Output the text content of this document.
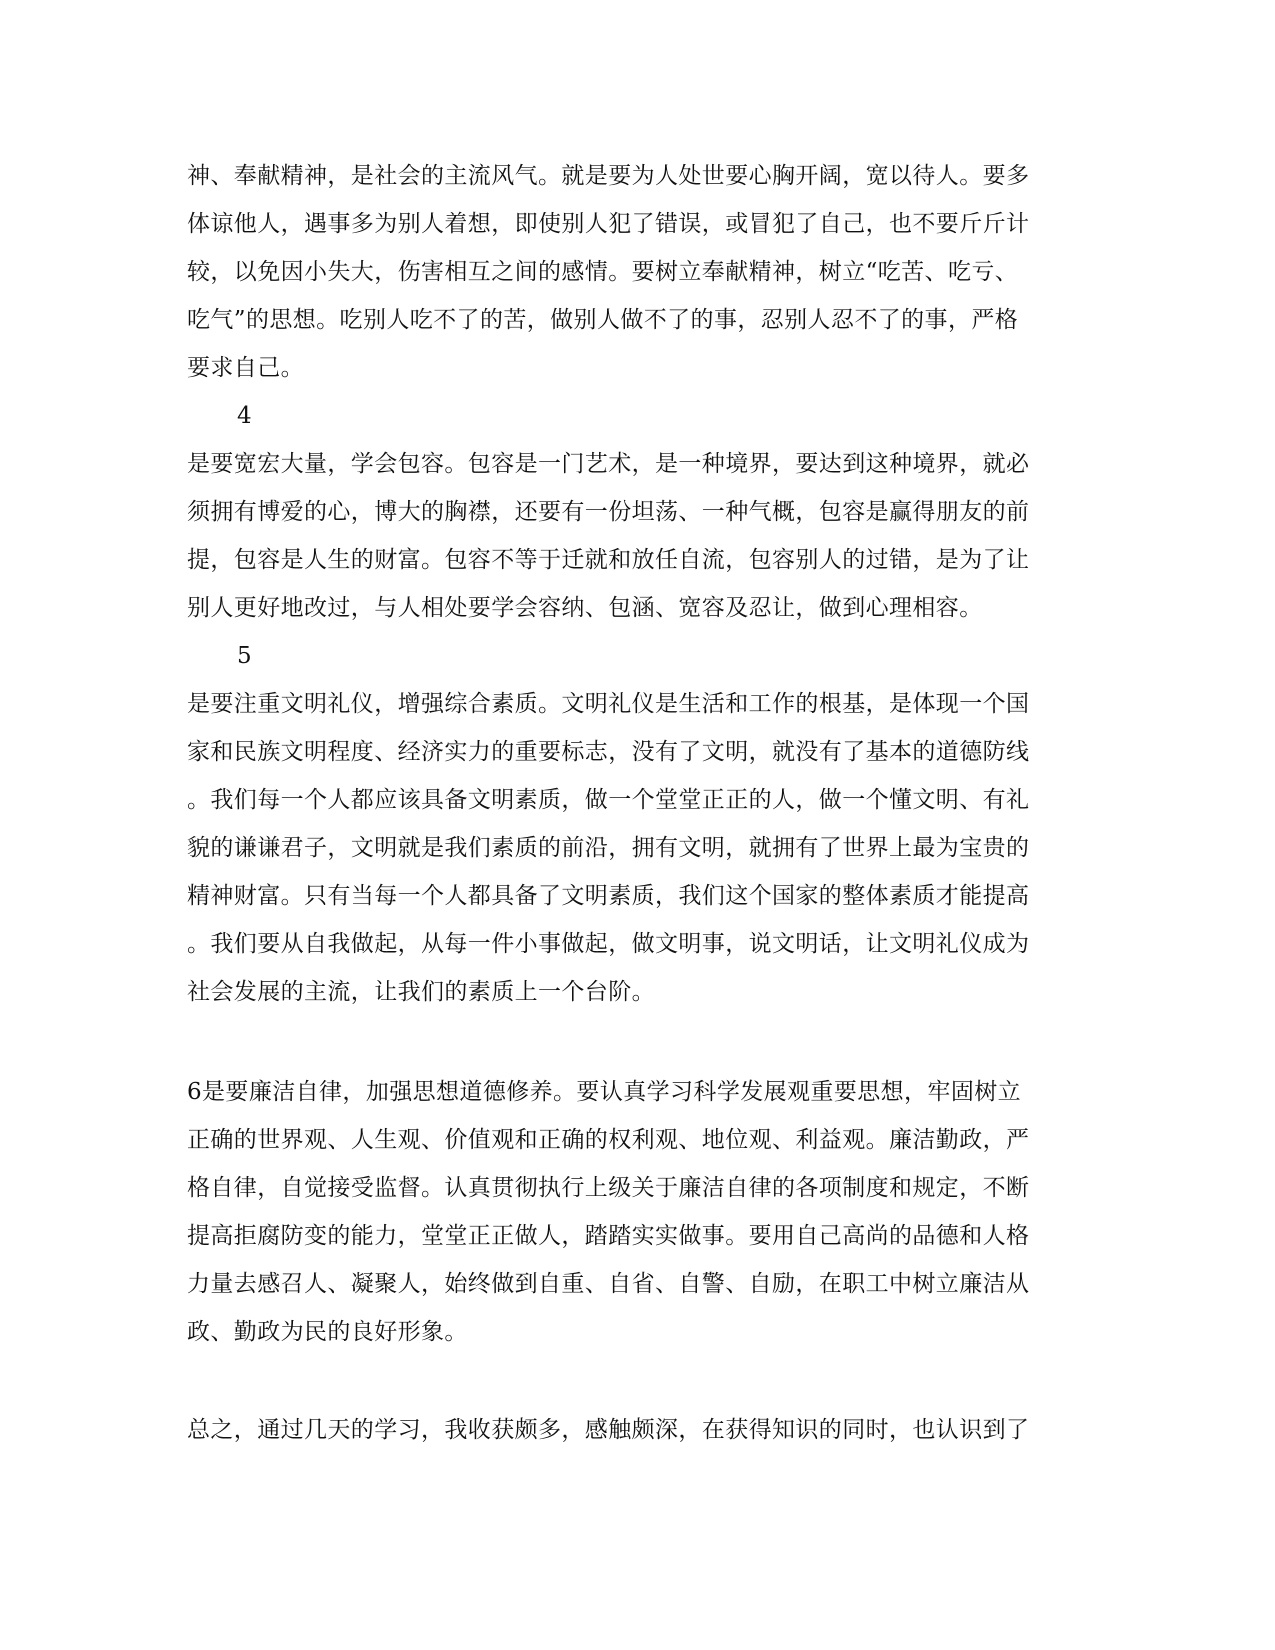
神、奉献精神，是社会的主流风气。就是要为人处世要心胸开阔，宽以待人。要多
体谅他人，遇事多为别人着想，即使别人犯了错误，或冒犯了自己，也不要斤斤计
较，以免因小失大，伤害相互之间的感情。要树立奉献精神，树立“吃苦、吃亏、
吃气”的思想。吃别人吃不了的苦，做别人做不了的事，忍别人忍不了的事，严格
要求自己。
4
是要宽宏大量，学会包容。包容是一门艺术，是一种境界，要达到这种境界，就必
须拥有博爱的心，博大的胸襟，还要有一份坦荡、一种气概，包容是赢得朋友的前
提，包容是人生的财富。包容不等于迁就和放任自流，包容别人的过错，是为了让
别人更好地改过，与人相处要学会容纳、包涵、宽容及忍让，做到心理相容。
5
是要注重文明礼仪，增强综合素质。文明礼仪是生活和工作的根基，是体现一个国
家和民族文明程度、经济实力的重要标志，没有了文明，就没有了基本的道德防线
。我们每一个人都应该具备文明素质，做一个堂堂正正的人，做一个懂文明、有礼
貌的谦谦君子，文明就是我们素质的前沿，拥有文明，就拥有了世界上最为宝贵的
精神财富。只有当每一个人都具备了文明素质，我们这个国家的整体素质才能提高
。我们要从自我做起，从每一件小事做起，做文明事，说文明话，让文明礼仪成为
社会发展的主流，让我们的素质上一个台阶。
6是要廉洁自律，加强思想道德修养。要认真学习科学发展观重要思想，牢固树立
正确的世界观、人生观、价值观和正确的权利观、地位观、利益观。廉洁勤政，严
格自律，自觉接受监督。认真贯彻执行上级关于廉洁自律的各项制度和规定，不断
提高拒腐防变的能力，堂堂正正做人，踏踏实实做事。要用自己高尚的品德和人格
力量去感召人、凝聚人，始终做到自重、自省、自警、自励，在职工中树立廉洁从
政、勤政为民的良好形象。
总之，通过几天的学习，我收获颇多，感触颇深，在获得知识的同时，也认识到了
